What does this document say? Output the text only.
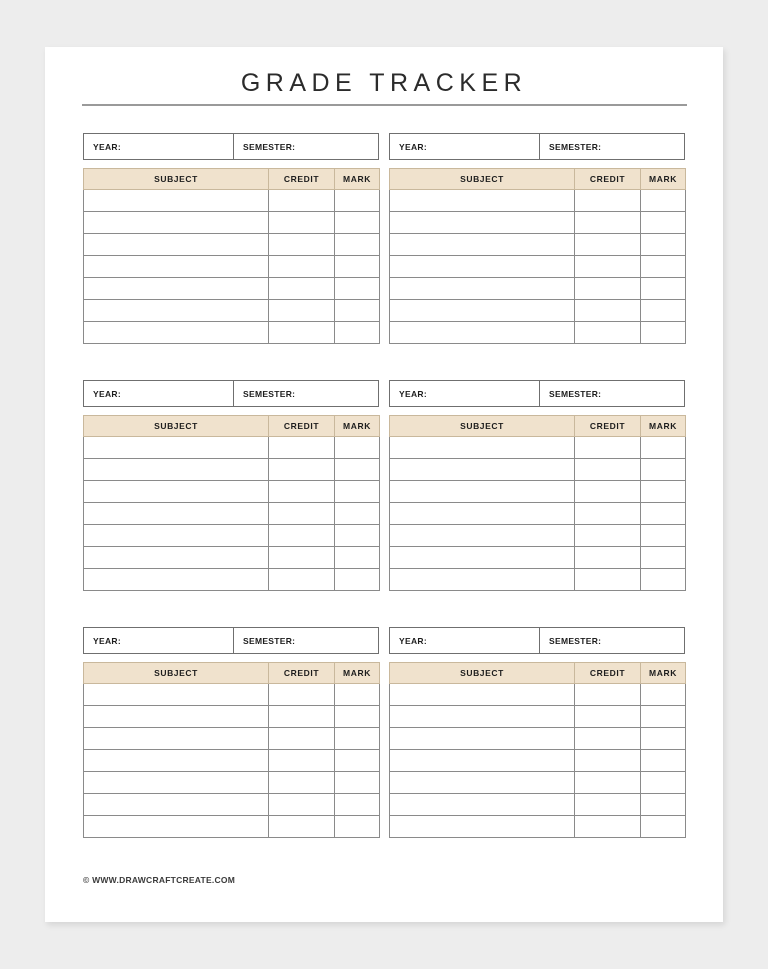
GRADE TRACKER
YEAR:	SEMESTER:
SUBJECT	CREDIT	MARK

YEAR:	SEMESTER:
SUBJECT	CREDIT	MARK

YEAR:	SEMESTER:
SUBJECT	CREDIT	MARK

YEAR:	SEMESTER:
SUBJECT	CREDIT	MARK

YEAR:	SEMESTER:
SUBJECT	CREDIT	MARK

YEAR:	SEMESTER:
SUBJECT	CREDIT	MARK

© WWW.DRAWCRAFTCREATE.COM
